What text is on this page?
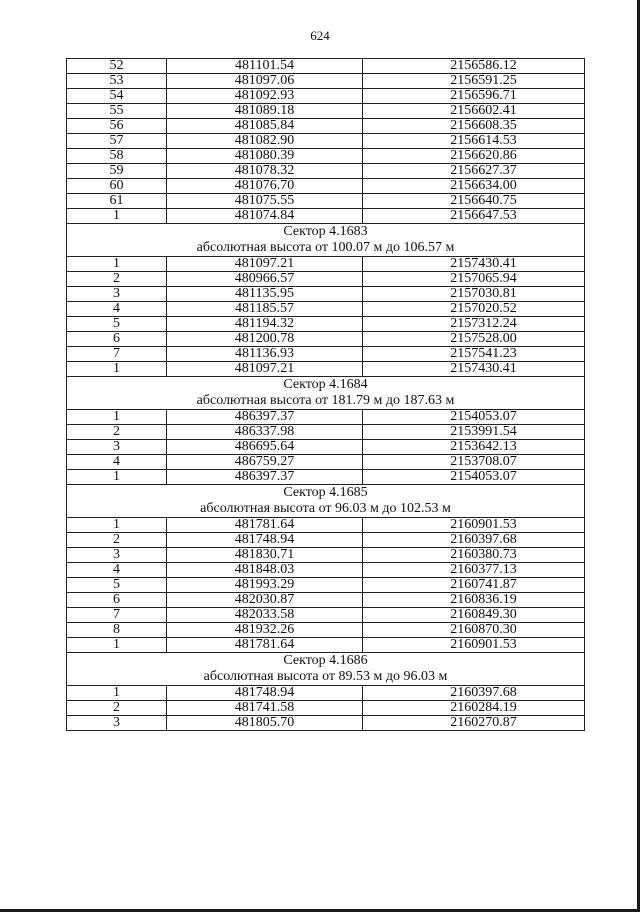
624
52	481101.54	2156586.12
53	481097.06	2156591.25
54	481092.93	2156596.71
55	481089.18	2156602.41
56	481085.84	2156608.35
57	481082.90	2156614.53
58	481080.39	2156620.86
59	481078.32	2156627.37
60	481076.70	2156634.00
61	481075.55	2156640.75
1	481074.84	2156647.53
Сектор 4.1683		
абсолютная высота от 100.07 м до 106.57 м		
1	481097.21	2157430.41
2	480966.57	2157065.94
3	481135.95	2157030.81
4	481185.57	2157020.52
5	481194.32	2157312.24
6	481200.78	2157528.00
7	481136.93	2157541.23
1	481097.21	2157430.41
Сектор 4.1684		
абсолютная высота от 181.79 м до 187.63 м		
1	486397.37	2154053.07
2	486337.98	2153991.54
3	486695.64	2153642.13
4	486759.27	2153708.07
1	486397.37	2154053.07
Сектор 4.1685		
абсолютная высота от 96.03 м до 102.53 м		
1	481781.64	2160901.53
2	481748.94	2160397.68
3	481830.71	2160380.73
4	481848.03	2160377.13
5	481993.29	2160741.87
6	482030.87	2160836.19
7	482033.58	2160849.30
8	481932.26	2160870.30
1	481781.64	2160901.53
Сектор 4.1686		
абсолютная высота от 89.53 м до 96.03 м		
1	481748.94	2160397.68
2	481741.58	2160284.19
3	481805.70	2160270.87
